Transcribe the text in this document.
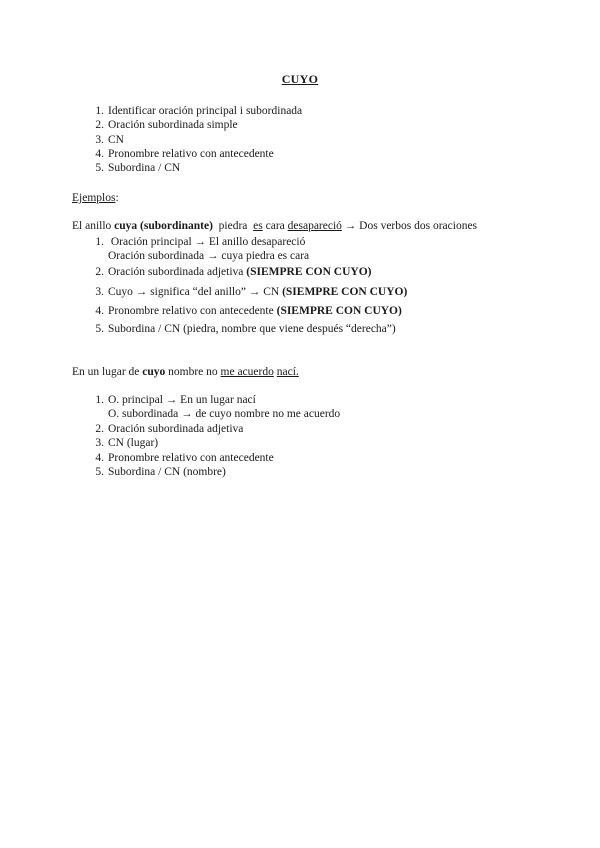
CUYO
1. Identificar oración principal i subordinada
2. Oración subordinada simple
3. CN
4. Pronombre relativo con antecedente
5. Subordina / CN
Ejemplos:
El anillo cuya (subordinante)  piedra  es cara desapareció → Dos verbos dos oraciones
1. Oración principal → El anillo desapareció
Oración subordinada → cuya piedra es cara
2. Oración subordinada adjetiva (SIEMPRE CON CUYO)
3. Cuyo → significa “del anillo” → CN (SIEMPRE CON CUYO)
4. Pronombre relativo con antecedente (SIEMPRE CON CUYO)
5. Subordina / CN (piedra, nombre que viene después “derecha”)
En un lugar de cuyo nombre no me acuerdo nací.
1. O. principal → En un lugar nací
O. subordinada → de cuyo nombre no me acuerdo
2. Oración subordinada adjetiva
3. CN (lugar)
4. Pronombre relativo con antecedente
5. Subordina / CN (nombre)
